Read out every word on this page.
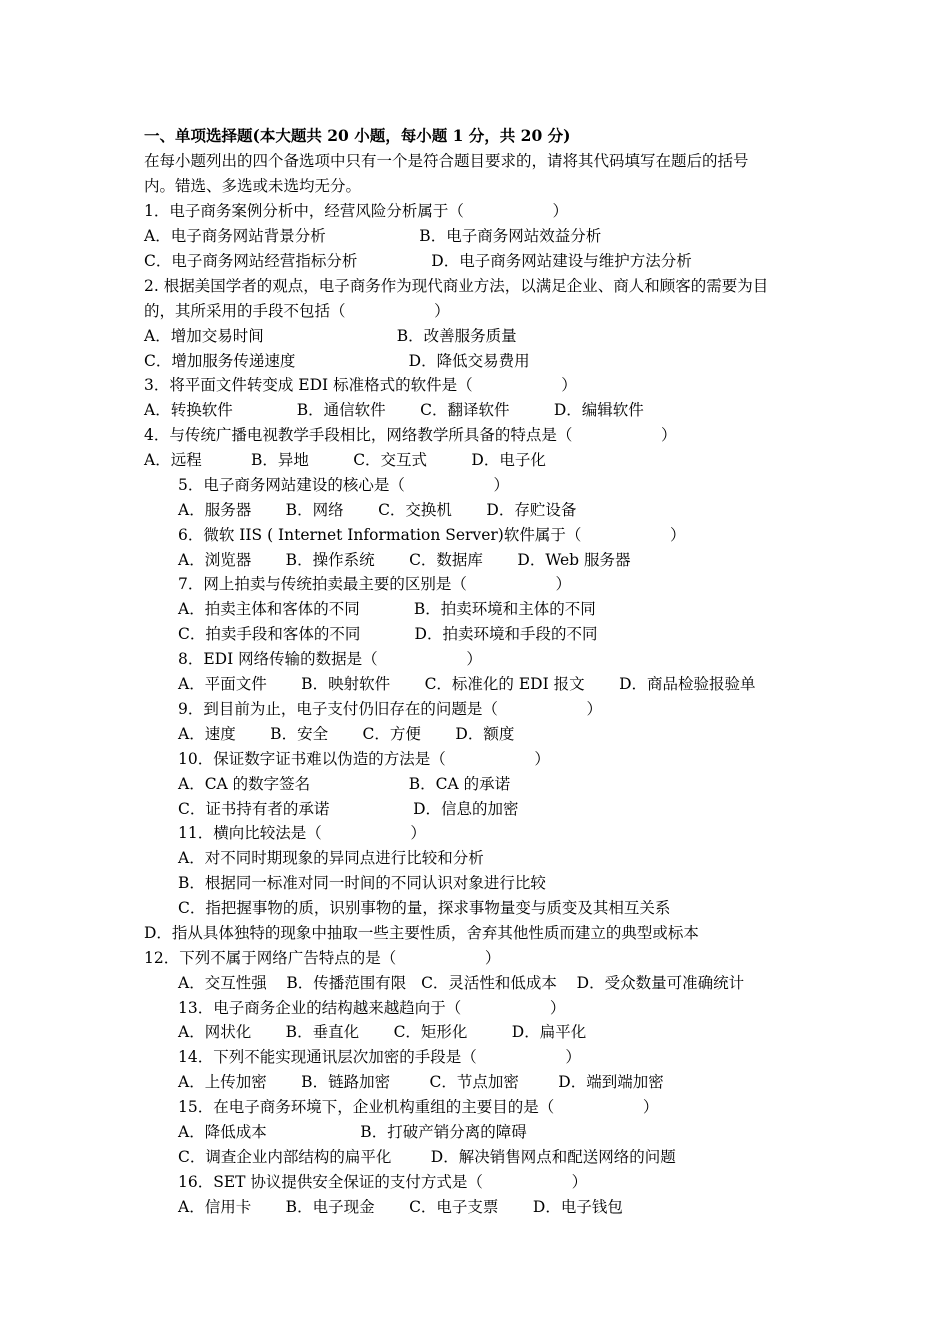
一、单项选择题(本大题共 20 小题，每小题 1 分，共 20 分)
在每小题列出的四个备选项中只有一个是符合题目要求的，请将其代码填写在题后的括号
内。错选、多选或未选均无分。
1．电子商务案例分析中，经营风险分析属于（                  ）
A．电子商务网站背景分析                   B．电子商务网站效益分析
C．电子商务网站经营指标分析               D．电子商务网站建设与维护方法分析
2. 根据美国学者的观点，电子商务作为现代商业方法，以满足企业、商人和顾客的需要为目
的，其所采用的手段不包括（                  ）
A．增加交易时间                           B．改善服务质量
C．增加服务传递速度                       D．降低交易费用
3．将平面文件转变成 EDI 标准格式的软件是（                  ）
A．转换软件             B．通信软件       C．翻译软件         D．编辑软件
4．与传统广播电视教学手段相比，网络教学所具备的特点是（                  ）
A．远程          B．异地         C．交互式         D．电子化
5．电子商务网站建设的核心是（                  ）
A．服务器       B．网络       C．交换机       D．存贮设备
6．微软 IIS ( Internet Information Server)软件属于（                  ）
A．浏览器       B．操作系统       C．数据库       D．Web 服务器
7．网上拍卖与传统拍卖最主要的区别是（                  ）
A．拍卖主体和客体的不同           B．拍卖环境和主体的不同
C．拍卖手段和客体的不同           D．拍卖环境和手段的不同
8．EDI 网络传输的数据是（                  ）
A．平面文件       B．映射软件       C．标准化的 EDI 报文       D．商品检验报验单
9．到目前为止，电子支付仍旧存在的问题是（                  ）
A．速度       B．安全       C．方便       D．额度
10．保证数字证书难以伪造的方法是（                  ）
A．CA 的数字签名                    B．CA 的承诺
C．证书持有者的承诺                 D．信息的加密
11．横向比较法是（                  ）
A．对不同时期现象的异同点进行比较和分析
B．根据同一标准对同一时间的不同认识对象进行比较
C．指把握事物的质，识别事物的量，探求事物量变与质变及其相互关系
D．指从具体独特的现象中抽取一些主要性质，舍弃其他性质而建立的典型或标本
12．下列不属于网络广告特点的是（                  ）
A．交互性强    B．传播范围有限   C．灵活性和低成本    D．受众数量可准确统计
13．电子商务企业的结构越来越趋向于（                  ）
A．网状化       B．垂直化       C．矩形化         D．扁平化
14．下列不能实现通讯层次加密的手段是（                  ）
A．上传加密       B．链路加密        C．节点加密        D．端到端加密
15．在电子商务环境下，企业机构重组的主要目的是（                  ）
A．降低成本                   B．打破产销分离的障碍
C．调查企业内部结构的扁平化        D．解决销售网点和配送网络的问题
16．SET 协议提供安全保证的支付方式是（                  ）
A．信用卡       B．电子现金       C．电子支票       D．电子钱包
